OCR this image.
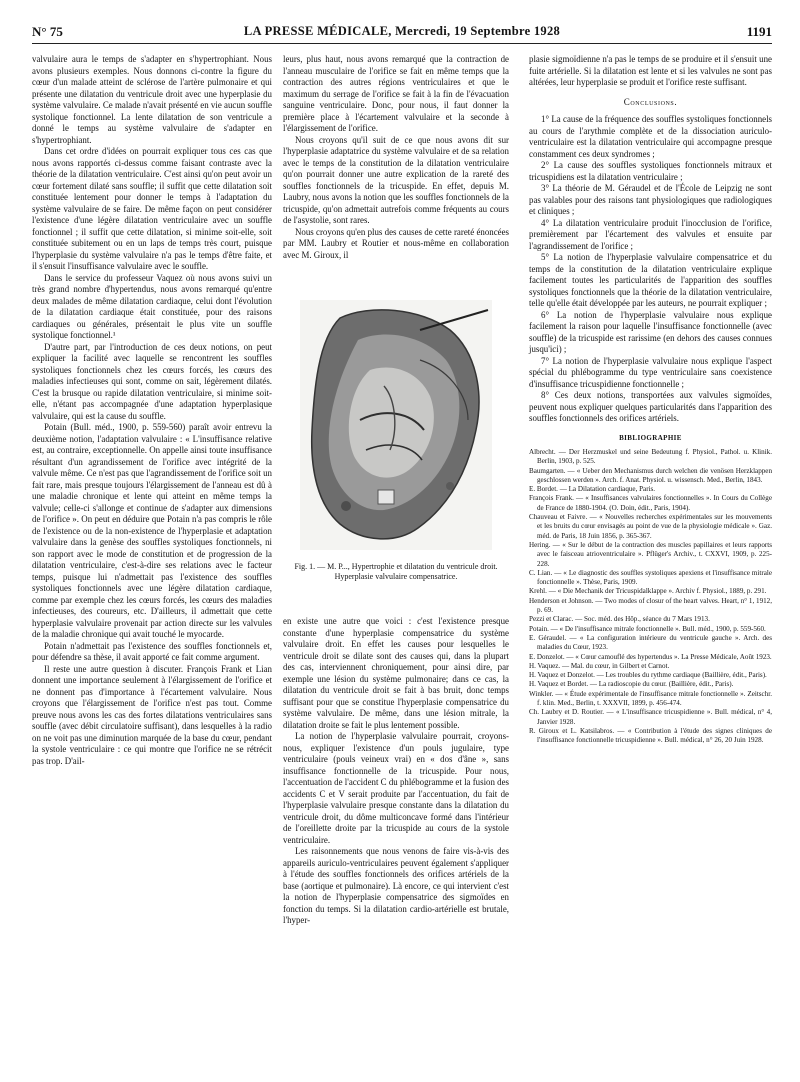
N° 75	LA PRESSE MÉDICALE, Mercredi, 19 Septembre 1928	1191

valvulaire aura le temps de s'adapter en s'hypertrophiant. Nous avons plusieurs exemples. Nous donnons ci-contre la figure du cœur d'un malade atteint de sclérose de l'artère pulmonaire et qui présente une dilatation du ventricule droit avec une hyperplasie du système valvulaire. Ce malade n'avait présenté en vie aucun souffle systolique fonctionnel. La lente dilatation de son ventricule a donné le temps au système valvulaire de s'adapter en s'hypertrophiant.

Dans cet ordre d'idées on pourrait expliquer tous ces cas que nous avons rapportés ci-dessus comme faisant contraste avec la théorie de la dilatation ventriculaire. C'est ainsi qu'on peut avoir un cœur fortement dilaté sans souffle; il suffit que cette dilatation soit constituée lentement pour donner le temps à l'adaptation du système valvulaire de se faire. De même façon on peut considérer l'existence d'une légère dilatation ventriculaire avec un souffle fonctionnel ; il suffit que cette dilatation, si minime soit-elle, soit constituée subitement ou en un laps de temps très court, puisque l'hyperplasie du système valvulaire n'a pas le temps d'être faite, et il s'ensuit l'insuffisance valvulaire avec le souffle.

Dans le service du professeur Vaquez où nous avons suivi un très grand nombre d'hypertendus, nous avons remarqué qu'entre deux malades de même dilatation cardiaque, celui dont l'évolution de la dilatation cardiaque était constituée, pour des raisons cardiaques ou générales, présentait le plus vite un souffle systolique fonctionnel.¹

D'autre part, par l'introduction de ces deux notions, on peut expliquer la facilité avec laquelle se rencontrent les souffles systoliques fonctionnels chez les cœurs forcés, les cœurs des maladies infectieuses qui sont, comme on sait, légèrement dilatés. C'est la brusque ou rapide dilatation ventriculaire, si minime soit-elle, n'étant pas accompagnée d'une adaptation hyperplasique valvulaire, qui est la cause du souffle.

Potain (Bull. méd., 1900, p. 559-560) paraît avoir entrevu la deuxième notion, l'adaptation valvulaire : « L'insuffisance relative est, au contraire, exceptionnelle. On appelle ainsi toute insuffisance résultant d'un agrandissement de l'orifice avec intégrité de la valvule même. Ce n'est pas que l'agrandissement de l'orifice soit un fait rare, mais presque toujours l'élargissement de l'anneau est dû à une maladie chronique et lente qui atteint en même temps la valvule; celle-ci s'allonge et continue de s'adapter aux dimensions de l'orifice ». On peut en déduire que Potain n'a pas compris le rôle de l'existence ou de la non-existence de l'hyperplasie et adaptation valvulaire dans la genèse des souffles systoliques fonctionnels, ni son rapport avec le mode de constitution et de progression de la dilatation ventriculaire, c'est-à-dire ses relations avec le facteur temps, puisque lui n'admettait pas l'existence des souffles systoliques fonctionnels avec une légère dilatation cardiaque, comme par exemple chez les cœurs forcés, les cœurs des maladies infectieuses, des coureurs, etc. D'ailleurs, il admettait que cette hyperplasie valvulaire provenait par action directe sur les valvules de la maladie chronique qui avait touché le myocarde.

Potain n'admettait pas l'existence des souffles fonctionnels et, pour défendre sa thèse, il avait apporté ce fait comme argument.

Il reste une autre question à discuter. François Frank et Lian donnent une importance seulement à l'élargissement de l'orifice et ne donnent pas d'importance à l'écartement valvulaire. Nous croyons que l'élargissement de l'orifice n'est pas tout. Comme preuve nous avons les cas des fortes dilatations ventriculaires sans souffle (avec débit circulatoire suffisant), dans lesquelles à la radio on ne voit pas une diminution marquée de la base du cœur, pendant la systole ventriculaire : ce qui montre que l'orifice ne se rétrécit pas trop. D'ail-

leurs, plus haut, nous avons remarqué que la contraction de l'anneau musculaire de l'orifice se fait en même temps que la contraction des autres régions ventriculaires et que le maximum du serrage de l'orifice se fait à la fin de l'évacuation sanguine ventriculaire. Donc, pour nous, il faut donner la première place à l'écartement valvulaire et la seconde à l'élargissement de l'orifice.

Nous croyons qu'il suit de ce que nous avons dit sur l'hyperplasie adaptatrice du système valvulaire et de sa relation avec le temps de la constitution de la dilatation ventriculaire qu'on pourrait donner une autre explication de la rareté des souffles fonctionnels de la tricuspide. En effet, depuis M. Laubry, nous avons la notion que les souffles fonctionnels de la tricuspide, qu'on admettait autrefois comme fréquents au cours de l'asystolie, sont rares.

Nous croyons qu'en plus des causes de cette rareté énoncées par MM. Laubry et Routier et nous-même en collaboration avec M. Giroux, il

Fig. 1. — M. P..., Hypertrophie et dilatation du ventricule droit.
Hyperplasie valvulaire compensatrice.

en existe une autre que voici : c'est l'existence presque constante d'une hyperplasie compensatrice du système valvulaire droit. En effet les causes pour lesquelles le ventricule droit se dilate sont des causes qui, dans la plupart des cas, interviennent chroniquement, pour ainsi dire, par exemple une lésion du système pulmonaire; dans ce cas, la dilatation du ventricule droit se fait à bas bruit, donc temps suffisant pour que se constitue l'hyperplasie compensatrice du système valvulaire. De même, dans une lésion mitrale, la dilatation droite se fait le plus lentement possible.

La notion de l'hyperplasie valvulaire pourrait, croyons-nous, expliquer l'existence d'un pouls jugulaire, type ventriculaire (pouls veineux vrai) en « dos d'âne », sans insuffisance fonctionnelle de la tricuspide. Pour nous, l'accentuation de l'accident C du phlébogramme et la fusion des accidents C et V serait produite par l'accentuation, du fait de l'hyperplasie valvulaire presque constante dans la dilatation du ventricule droit, du dôme multiconcave formé dans l'intérieur de l'oreillette droite par la tricuspide au cours de la systole ventriculaire.

Les raisonnements que nous venons de faire vis-à-vis des appareils auriculo-ventriculaires peuvent également s'appliquer à l'étude des souffles fonctionnels des orifices artériels de la base (aortique et pulmonaire). Là encore, ce qui intervient c'est la notion de l'hyperplasie compensatrice des sigmoïdes en fonction du temps. Si la dilatation cardio-artérielle est brutale, l'hyper-

plasie sigmoïdienne n'a pas le temps de se produire et il s'ensuit une fuite artérielle. Si la dilatation est lente et si les valvules ne sont pas altérées, leur hyperplasie se produit et l'orifice reste suffisant.

Conclusions.

1° La cause de la fréquence des souffles systoliques fonctionnels au cours de l'arythmie complète et de la dissociation auriculo-ventriculaire est la dilatation ventriculaire qui accompagne presque constamment ces deux syndromes ;

2° La cause des souffles systoliques fonctionnels mitraux et tricuspidiens est la dilatation ventriculaire ;

3° La théorie de M. Géraudel et de l'École de Leipzig ne sont pas valables pour des raisons tant physiologiques que radiologiques et cliniques ;

4° La dilatation ventriculaire produit l'inocclusion de l'orifice, premièrement par l'écartement des valvules et ensuite par l'agrandissement de l'orifice ;

5° La notion de l'hyperplasie valvulaire compensatrice et du temps de la constitution de la dilatation ventriculaire explique facilement toutes les particularités de l'apparition des souffles systoliques fonctionnels que la théorie de la dilatation ventriculaire, telle qu'elle était développée par les auteurs, ne pourrait expliquer ;

6° La notion de l'hyperplasie valvulaire nous explique facilement la raison pour laquelle l'insuffisance fonctionnelle (avec souffle) de la tricuspide est rarissime (en dehors des causes connues jusqu'ici) ;

7° La notion de l'hyperplasie valvulaire nous explique l'aspect spécial du phlébogramme du type ventriculaire sans coexistence d'insuffisance tricuspidienne fonctionnelle ;

8° Ces deux notions, transportées aux valvules sigmoïdes, peuvent nous expliquer quelques particularités dans l'apparition des souffles fonctionnels des orifices artériels.

BIBLIOGRAPHIE

Albrecht. — Der Herzmuskel und seine Bedeutung f. Physiol., Pathol. u. Klinik. Berlin, 1903, p. 525.

Baumgarten. — « Ueber den Mechanismus durch welchen die venösen Herzklappen geschlossen werden ». Arch. f. Anat. Physiol. u. wissensch. Med., Berlin, 1843.

E. Bordet. — La Dilatation cardiaque, Paris.

François Frank. — « Insuffisances valvulaires fonctionnelles ». In Cours du Collège de France de 1880-1904. (O. Doin, édit., Paris, 1904).

Chauveau et Faivre. — « Nouvelles recherches expérimentales sur les mouvements et les bruits du cœur envisagés au point de vue de la physiologie médicale ». Gaz. méd. de Paris, 18 Juin 1856, p. 365-367.

Hering. — « Sur le début de la contraction des muscles papillaires et leurs rapports avec le faisceau atrioventriculaire ». Pflüger's Archiv., t. CXXVI, 1909, p. 225-228.

C. Lian. — « Le diagnostic des souffles systoliques apexiens et l'insuffisance mitrale fonctionnelle ». Thèse, Paris, 1909.

Krehl. — « Die Mechanik der Tricuspidalklappe ». Archiv f. Physiol., 1889, p. 291.

Henderson et Johnson. — Two modes of closur of the heart valves. Heart, n° 1, 1912, p. 69.

Pezzi et Clarac. — Soc. méd. des Hôp., séance du 7 Mars 1913.

Potain. — « De l'insuffisance mitrale fonctionnelle ». Bull. méd., 1900, p. 559-560.

E. Géraudel. — « La configuration intérieure du ventricule gauche ». Arch. des maladies du Cœur, 1923.

E. Donzelot. — « Cœur camouflé des hypertendus ». La Presse Médicale, Août 1923.

H. Vaquez. — Mal. du cœur, in Gilbert et Carnot.

H. Vaquez et Donzelot. — Les troubles du rythme cardiaque (Baillière, édit., Paris).

H. Vaquez et Bordet. — La radioscopie du cœur. (Baillière, édit., Paris).

Winkler. — « Étude expérimentale de l'insuffisance mitrale fonctionnelle ». Zeitschr. f. klin. Med., Berlin, t. XXXVII, 1899, p. 456-474.

Ch. Laubry et D. Routier. — « L'insuffisance tricuspidienne ». Bull. médical, n° 4, Janvier 1928.

R. Giroux et L. Katsilabros. — « Contribution à l'étude des signes cliniques de l'insuffisance fonctionnelle tricuspidienne ». Bull. médical, n° 26, 20 Juin 1928.
